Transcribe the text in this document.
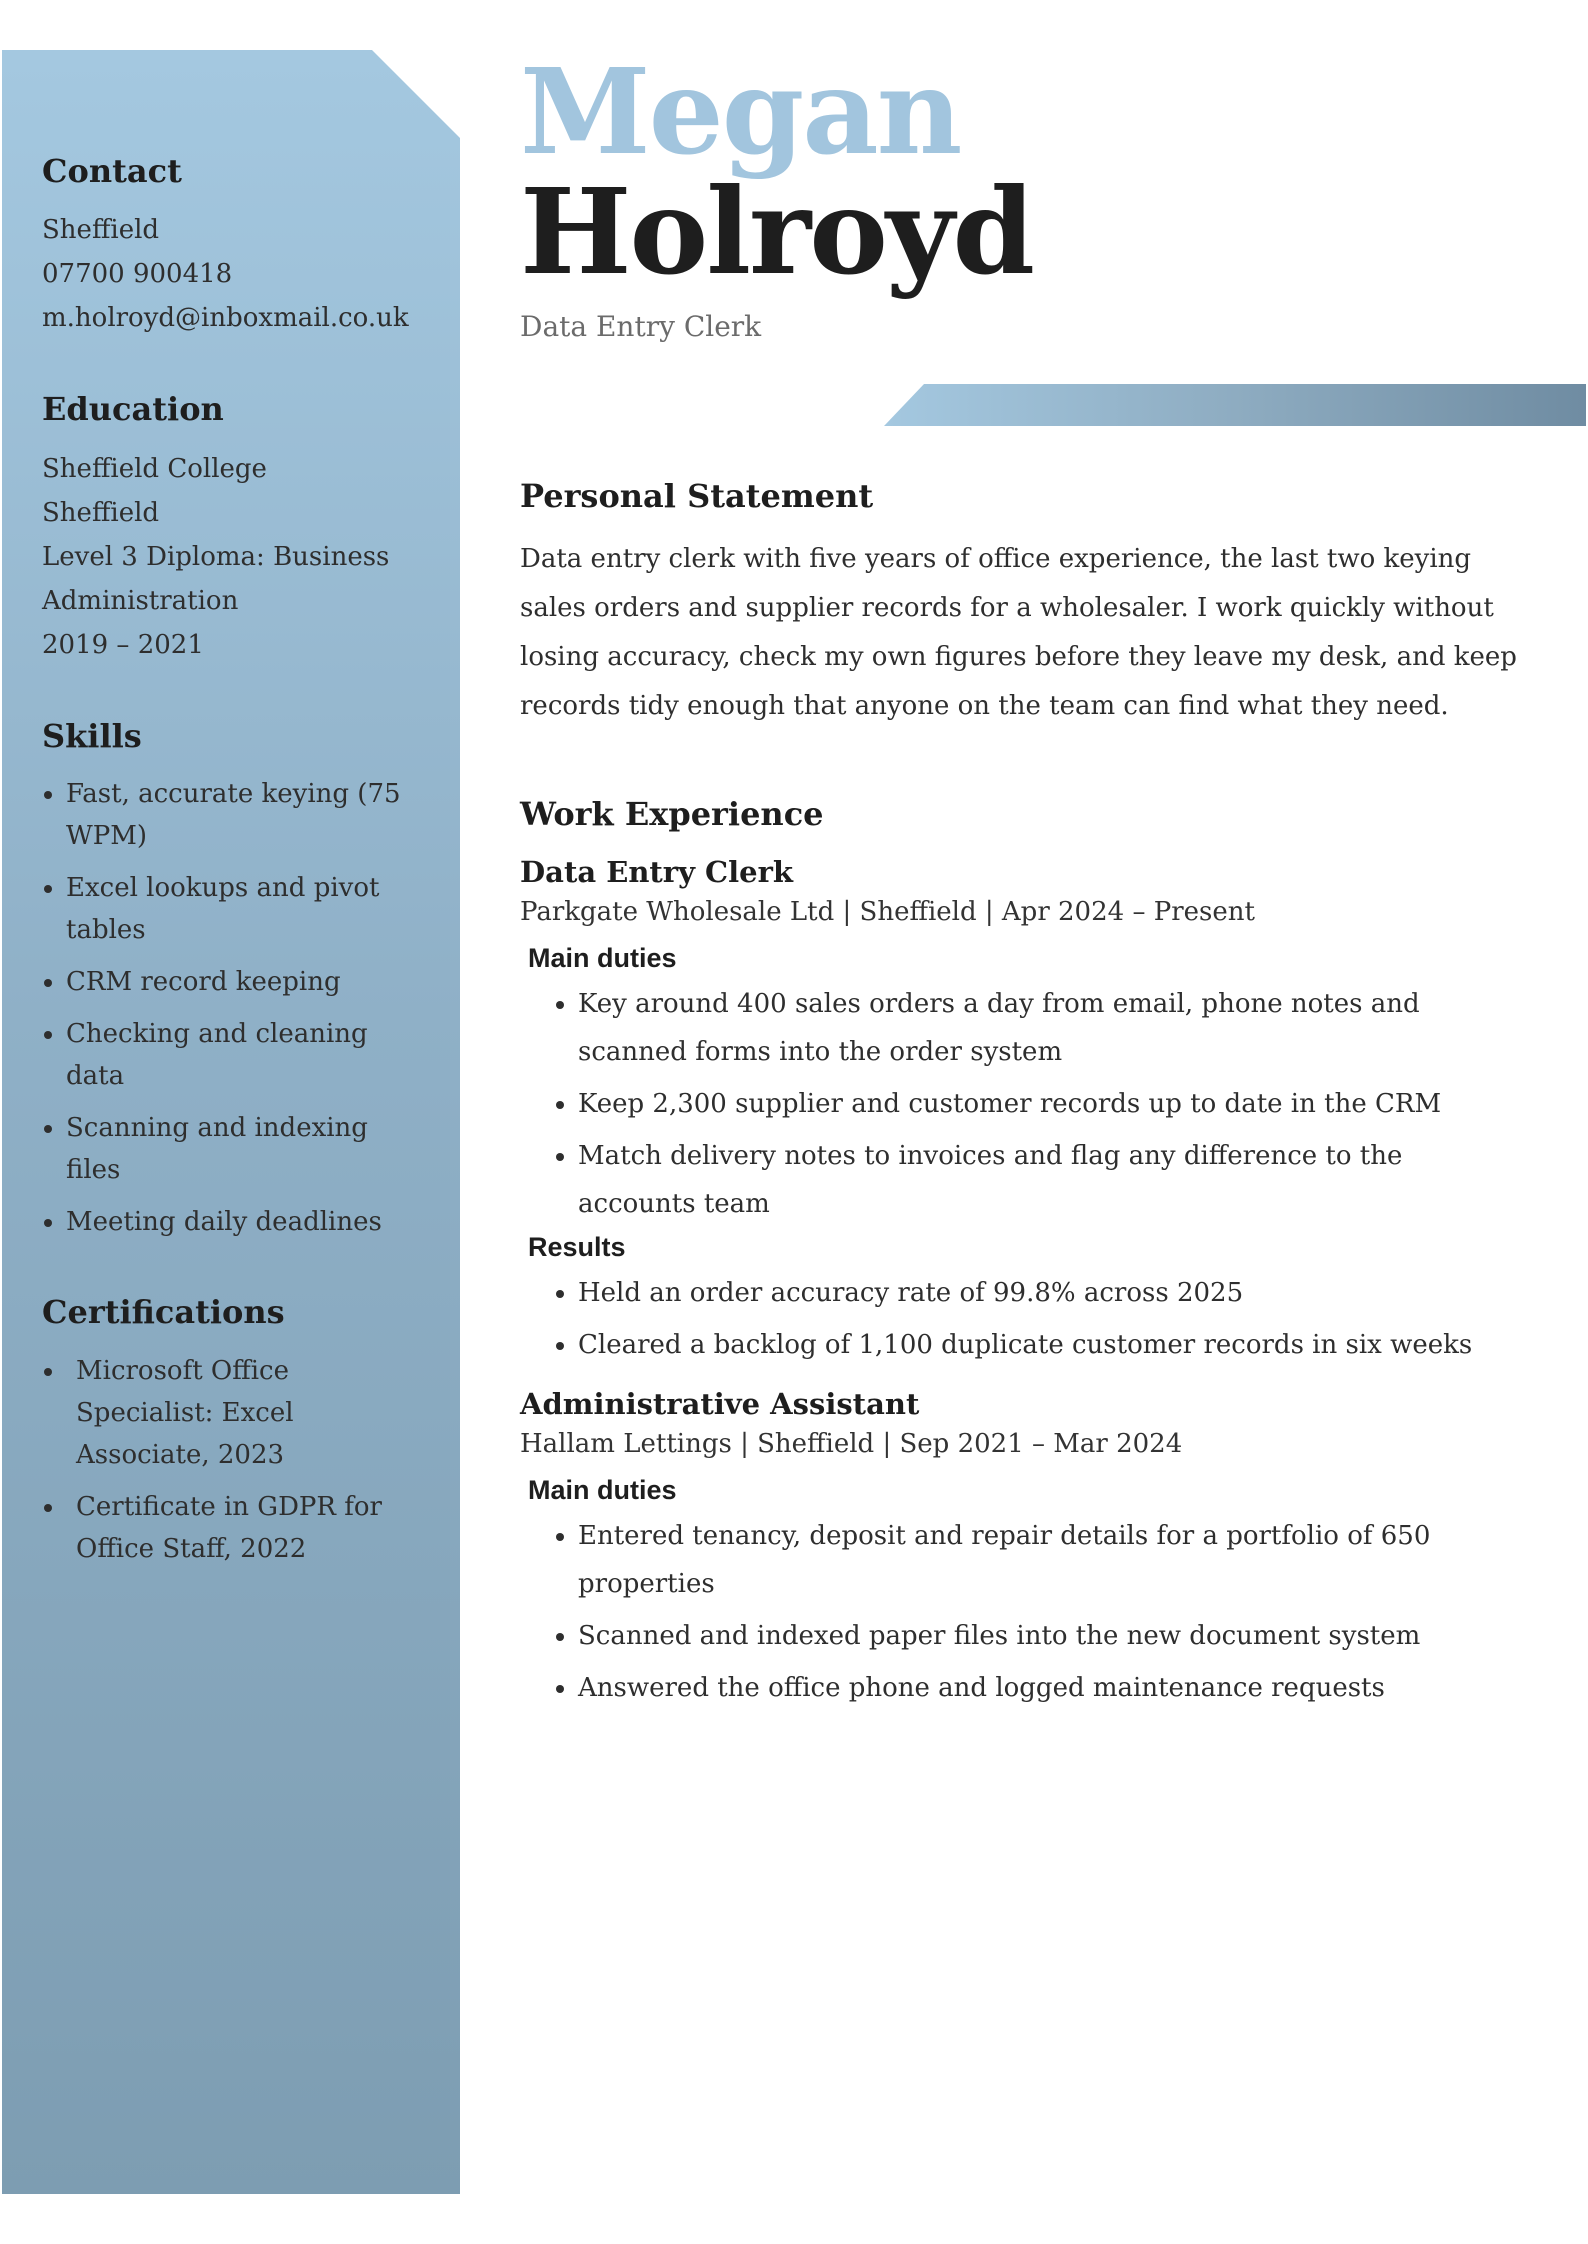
Contact

Sheffield

07700 900418

m.holroyd@inboxmail.co.uk

Education

Sheffield College

Sheffield

Level 3 Diploma: Business Administration

2019 – 2021

Skills
• Fast, accurate keying (75 WPM)
• Excel lookups and pivot tables
• CRM record keeping
• Checking and cleaning data
• Scanning and indexing files
• Meeting daily deadlines
Certifications
• Microsoft Office Specialist: Excel Associate, 2023
• Certificate in GDPR for Office Staff, 2022
Megan
Holroyd
Data Entry Clerk
Personal Statement

Data entry clerk with five years of office experience, the last two keying sales orders and supplier records for a wholesaler. I work quickly without losing accuracy, check my own figures before they leave my desk, and keep records tidy enough that anyone on the team can find what they need.

Work Experience
Data Entry Clerk

Parkgate Wholesale Ltd | Sheffield | Apr 2024 – Present

Main duties

• Key around 400 sales orders a day from email, phone notes and scanned forms into the order system
• Keep 2,300 supplier and customer records up to date in the CRM
• Match delivery notes to invoices and flag any difference to the accounts team

Results

• Held an order accuracy rate of 99.8% across 2025
• Cleared a backlog of 1,100 duplicate customer records in six weeks
Administrative Assistant

Hallam Lettings | Sheffield | Sep 2021 – Mar 2024

Main duties

• Entered tenancy, deposit and repair details for a portfolio of 650 properties
• Scanned and indexed paper files into the new document system
• Answered the office phone and logged maintenance requests
